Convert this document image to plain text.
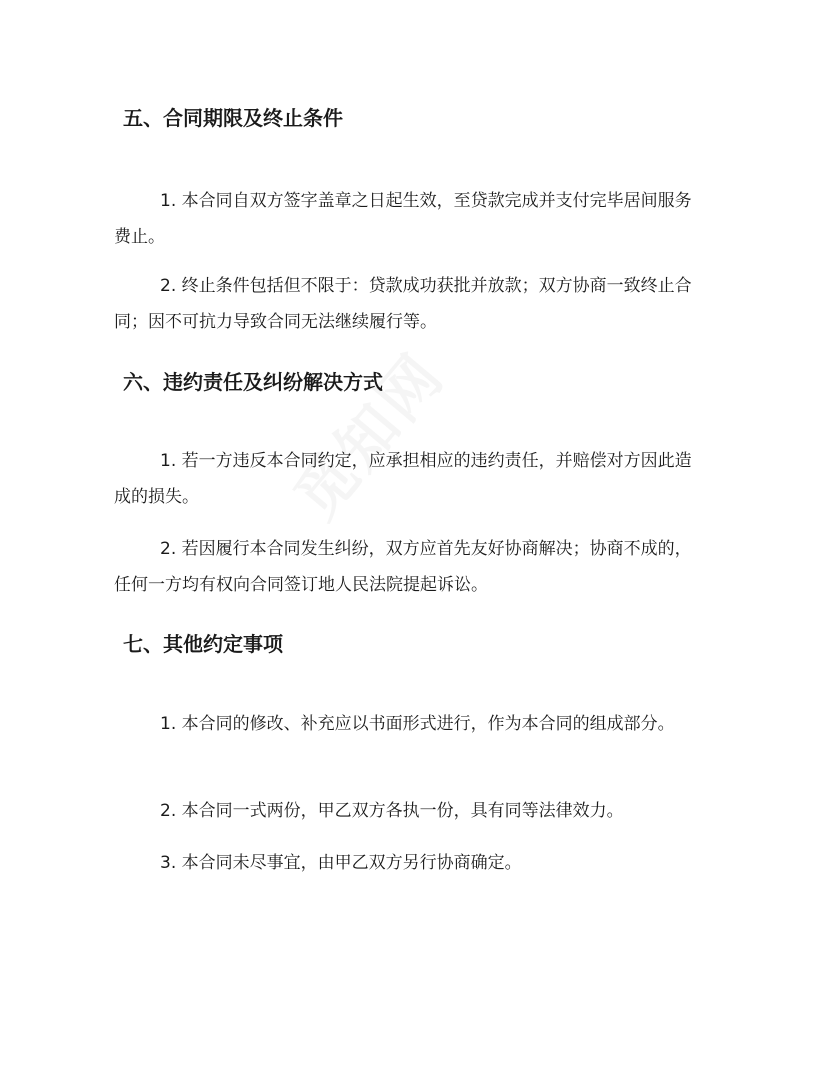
五、合同期限及终止条件

1. 本合同自双方签字盖章之日起生效，至贷款完成并支付完毕居间服务费止。

2. 终止条件包括但不限于：贷款成功获批并放款；双方协商一致终止合同；因不可抗力导致合同无法继续履行等。

六、违约责任及纠纷解决方式

1. 若一方违反本合同约定，应承担相应的违约责任，并赔偿对方因此造成的损失。

2. 若因履行本合同发生纠纷，双方应首先友好协商解决；协商不成的，任何一方均有权向合同签订地人民法院提起诉讼。

七、其他约定事项

1. 本合同的修改、补充应以书面形式进行，作为本合同的组成部分。

2. 本合同一式两份，甲乙双方各执一份，具有同等法律效力。

3. 本合同未尽事宜，由甲乙双方另行协商确定。
